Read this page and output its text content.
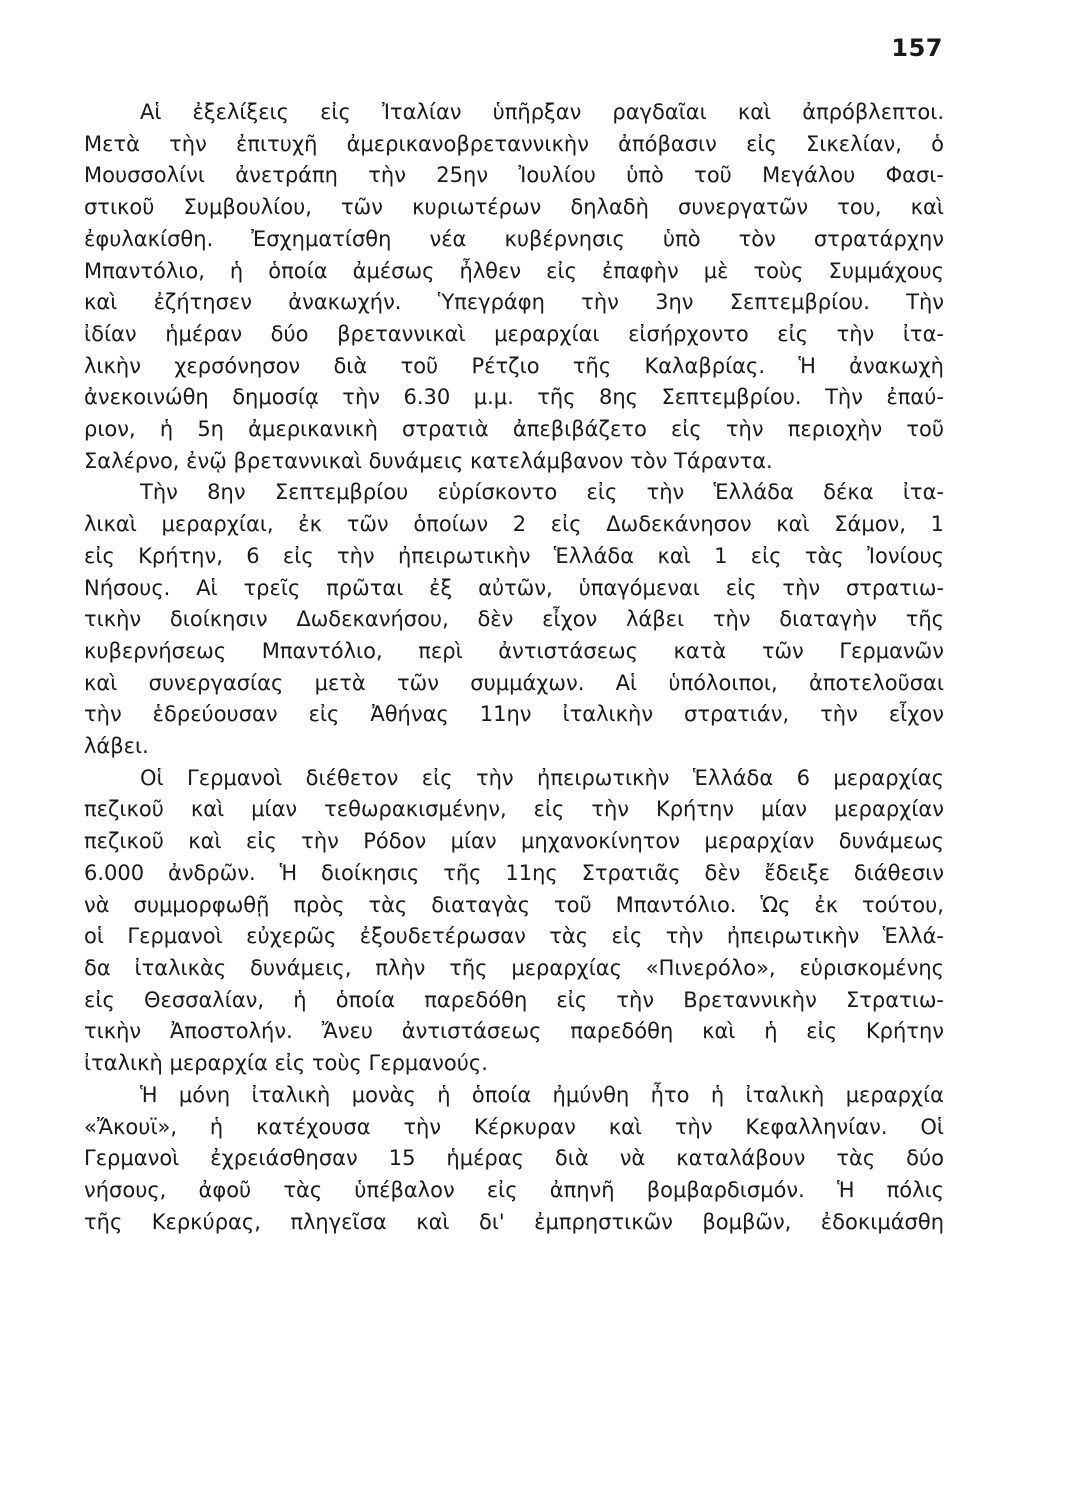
157
Αἱ ἐξελίξεις εἰς Ἰταλίαν ὑπῆρξαν ραγδαῖαι καὶ ἀπρόβλεπτοι.
Μετὰ τὴν ἐπιτυχῆ ἀμερικανοβρεταννικὴν ἀπόβασιν εἰς Σικελίαν, ὁ
Μουσσολίνι ἀνετράπη τὴν 25ην Ἰουλίου ὑπὸ τοῦ Μεγάλου Φασι-
στικοῦ Συμβουλίου, τῶν κυριωτέρων δηλαδὴ συνεργατῶν του, καὶ
ἐφυλακίσθη. Ἐσχηματίσθη νέα κυβέρνησις ὑπὸ τὸν στρατάρχην
Μπαντόλιο, ἡ ὁποία ἀμέσως ἦλθεν εἰς ἐπαφὴν μὲ τοὺς Συμμάχους
καὶ ἐζήτησεν ἀνακωχήν. Ὑπεγράφη τὴν 3ην Σεπτεμβρίου. Τὴν
ἰδίαν ἡμέραν δύο βρεταννικαὶ μεραρχίαι εἰσήρχοντο εἰς τὴν ἰτα-
λικὴν χερσόνησον διὰ τοῦ Ρέτζιο τῆς Καλαβρίας. Ἡ ἀνακωχὴ
ἀνεκοινώθη δημοσίᾳ τὴν 6.30 μ.μ. τῆς 8ης Σεπτεμβρίου. Τὴν ἐπαύ-
ριον, ἡ 5η ἀμερικανικὴ στρατιὰ ἀπεβιβάζετο εἰς τὴν περιοχὴν τοῦ
Σαλέρνο, ἐνῷ βρεταννικαὶ δυνάμεις κατελάμβανον τὸν Τάραντα.
Τὴν 8ην Σεπτεμβρίου εὑρίσκοντο εἰς τὴν Ἑλλάδα δέκα ἰτα-
λικαὶ μεραρχίαι, ἐκ τῶν ὁποίων 2 εἰς Δωδεκάνησον καὶ Σάμον, 1
εἰς Κρήτην, 6 εἰς τὴν ἠπειρωτικὴν Ἑλλάδα καὶ 1 εἰς τὰς Ἰονίους
Νήσους. Αἱ τρεῖς πρῶται ἐξ αὐτῶν, ὑπαγόμεναι εἰς τὴν στρατιω-
τικὴν διοίκησιν Δωδεκανήσου, δὲν εἶχον λάβει τὴν διαταγὴν τῆς
κυβερνήσεως Μπαντόλιο, περὶ ἀντιστάσεως κατὰ τῶν Γερμανῶν
καὶ συνεργασίας μετὰ τῶν συμμάχων. Αἱ ὑπόλοιποι, ἀποτελοῦσαι
τὴν ἑδρεύουσαν εἰς Ἀθήνας 11ην ἰταλικὴν στρατιάν, τὴν εἶχον
λάβει.
Οἱ Γερμανοὶ διέθετον εἰς τὴν ἠπειρωτικὴν Ἑλλάδα 6 μεραρχίας
πεζικοῦ καὶ μίαν τεθωρακισμένην, εἰς τὴν Κρήτην μίαν μεραρχίαν
πεζικοῦ καὶ εἰς τὴν Ρόδον μίαν μηχανοκίνητον μεραρχίαν δυνάμεως
6.000 ἀνδρῶν. Ἡ διοίκησις τῆς 11ης Στρατιᾶς δὲν ἔδειξε διάθεσιν
νὰ συμμορφωθῇ πρὸς τὰς διαταγὰς τοῦ Μπαντόλιο. Ὡς ἐκ τούτου,
οἱ Γερμανοὶ εὐχερῶς ἐξουδετέρωσαν τὰς εἰς τὴν ἠπειρωτικὴν Ἑλλά-
δα ἰταλικὰς δυνάμεις, πλὴν τῆς μεραρχίας «Πινερόλο», εὑρισκομένης
εἰς Θεσσαλίαν, ἡ ὁποία παρεδόθη εἰς τὴν Βρεταννικὴν Στρατιω-
τικὴν Ἀποστολήν. Ἄνευ ἀντιστάσεως παρεδόθη καὶ ἡ εἰς Κρήτην
ἰταλικὴ μεραρχία εἰς τοὺς Γερμανούς.
Ἡ μόνη ἰταλικὴ μονὰς ἡ ὁποία ἠμύνθη ἦτο ἡ ἰταλικὴ μεραρχία
«Ἄκουϊ», ἡ κατέχουσα τὴν Κέρκυραν καὶ τὴν Κεφαλληνίαν. Οἱ
Γερμανοὶ ἐχρειάσθησαν 15 ἡμέρας διὰ νὰ καταλάβουν τὰς δύο
νήσους, ἀφοῦ τὰς ὑπέβαλον εἰς ἀπηνῆ βομβαρδισμόν. Ἡ πόλις
τῆς Κερκύρας, πληγεῖσα καὶ δι' ἐμπρηστικῶν βομβῶν, ἐδοκιμάσθη
